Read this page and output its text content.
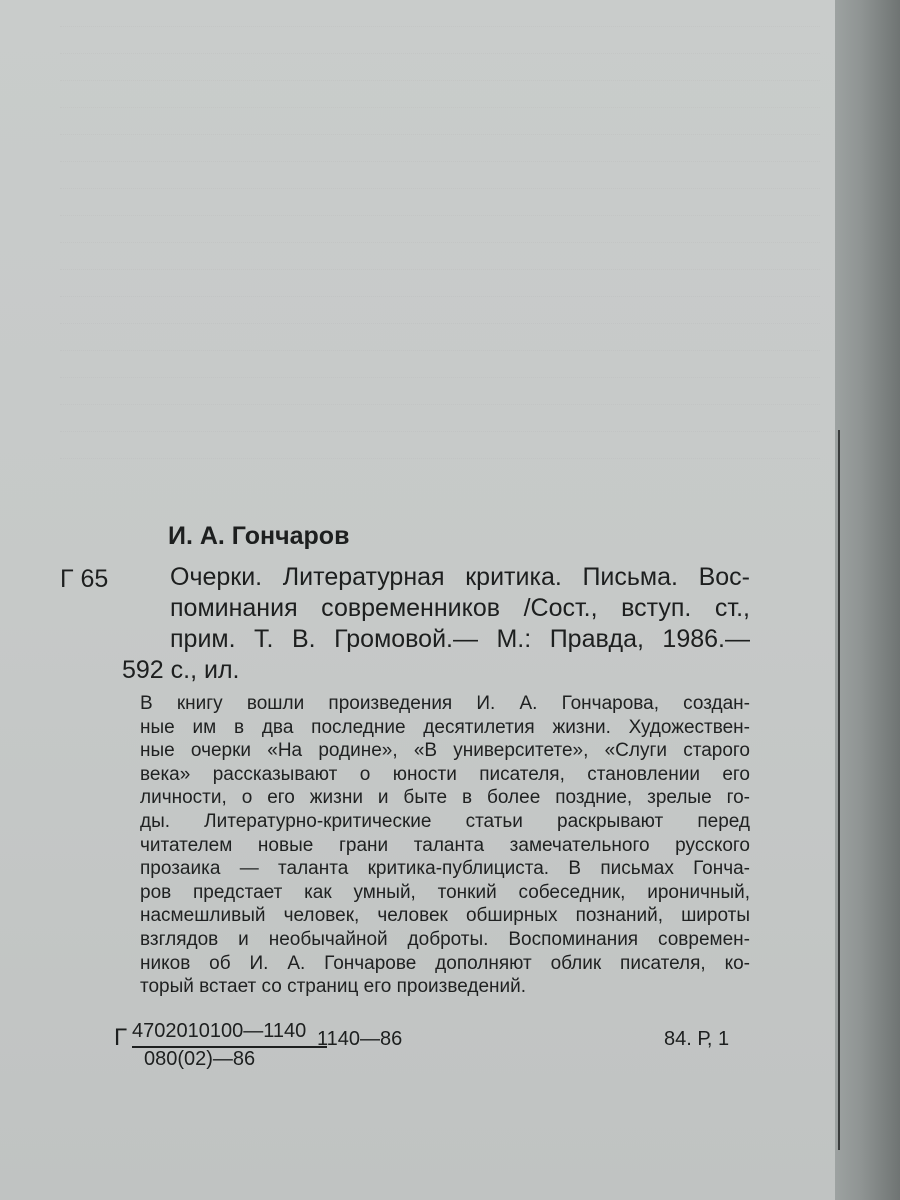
И. А. Гончаров
Г 65 Очерки. Литературная критика. Письма. Вос-
поминания современников /Сост., вступ. ст.,
прим. Т. В. Громовой.— М.: Правда, 1986.—
592 с., ил.
В книгу вошли произведения И. А. Гончарова, создан-
ные им в два последние десятилетия жизни. Художествен-
ные очерки «На родине», «В университете», «Слуги старого
века» рассказывают о юности писателя, становлении его
личности, о его жизни и быте в более поздние, зрелые го-
ды. Литературно-критические статьи раскрывают перед
читателем новые грани таланта замечательного русского
прозаика — таланта критика-публициста. В письмах Гонча-
ров предстает как умный, тонкий собеседник, ироничный,
насмешливый человек, человек обширных познаний, широты
взглядов и необычайной доброты. Воспоминания современ-
ников об И. А. Гончарове дополняют облик писателя, ко-
торый встает со страниц его произведений.
Г 4702010100—1140
080(02)—86
1140—86	84. Р, 1
